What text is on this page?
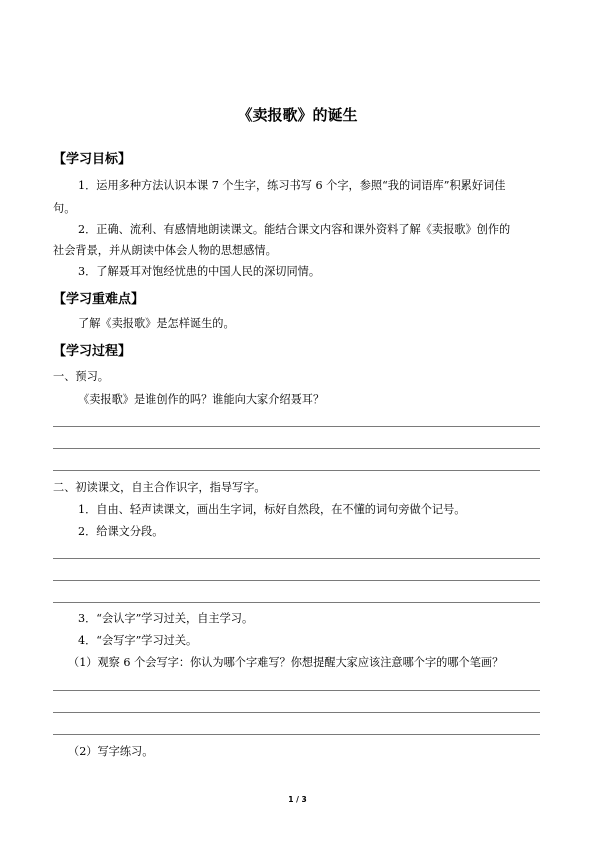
《卖报歌》的诞生
【学习目标】
1．运用多种方法认识本课 7 个生字，练习书写 6 个字，参照“我的词语库”积累好词佳
句。
2．正确、流利、有感情地朗读课文。能结合课文内容和课外资料了解《卖报歌》创作的
社会背景，并从朗读中体会人物的思想感情。
3．了解聂耳对饱经忧患的中国人民的深切同情。
【学习重难点】
了解《卖报歌》是怎样诞生的。
【学习过程】
一、预习。
《卖报歌》是谁创作的吗？谁能向大家介绍聂耳？
二、初读课文，自主合作识字，指导写字。
1．自由、轻声读课文，画出生字词，标好自然段，在不懂的词句旁做个记号。
2．给课文分段。
3．“会认字”学习过关，自主学习。
4．“会写字”学习过关。
（1）观察 6 个会写字：你认为哪个字难写？你想提醒大家应该注意哪个字的哪个笔画？
（2）写字练习。
1 / 3
